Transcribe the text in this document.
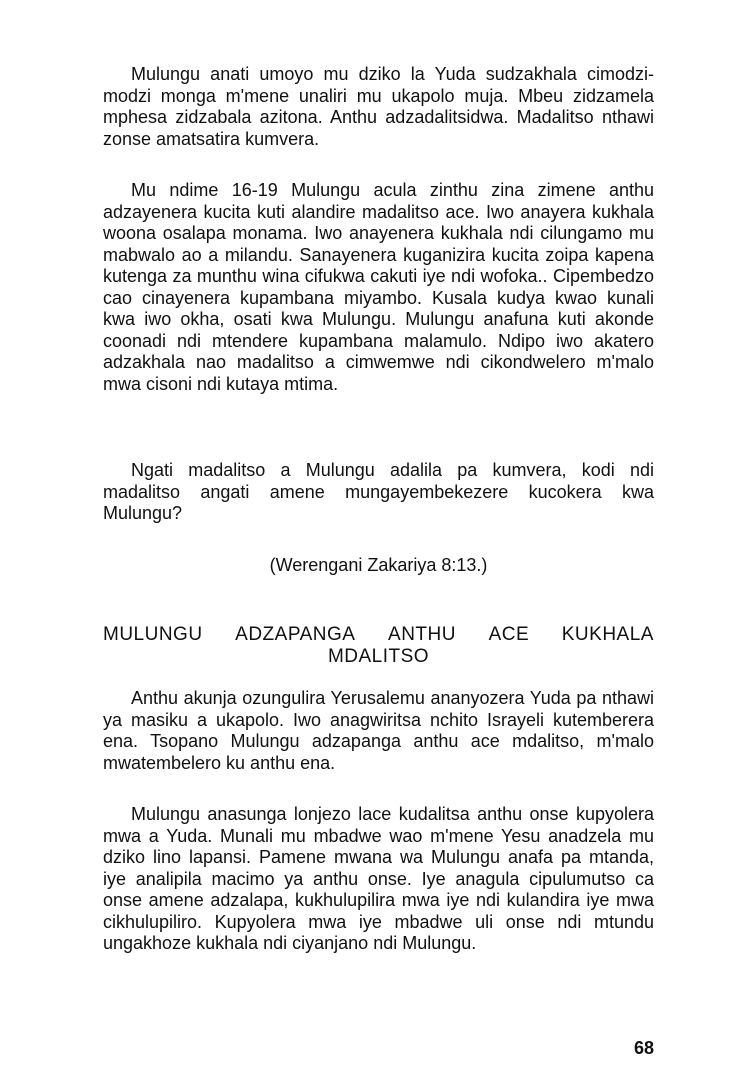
Mulungu anati umoyo mu dziko la Yuda sudzakhala cimodzi-modzi monga m'mene unaliri mu ukapolo muja. Mbeu zidzamela mphesa zidzabala azitona. Anthu adzadalitsidwa. Madalitso nthawi zonse amatsatira kumvera.

Mu ndime 16-19 Mulungu acula zinthu zina zimene anthu adzayenera kucita kuti alandire madalitso ace. Iwo anayera kukhala woona osalapa monama. Iwo anayenera kukhala ndi cilungamo mu mabwalo ao a milandu. Sanayenera kuganizira kucita zoipa kapena kutenga za munthu wina cifukwa cakuti iye ndi wofoka.. Cipembedzo cao cinayenera kupambana miyambo. Kusala kudya kwao kunali kwa iwo okha, osati kwa Mulungu. Mulungu anafuna kuti akonde coonadi ndi mtendere kupambana malamulo. Ndipo iwo akatero adzakhala nao madalitso a cimwemwe ndi cikondwelero m'malo mwa cisoni ndi kutaya mtima.

Ngati madalitso a Mulungu adalila pa kumvera, kodi ndi madalitso angati amene mungayembekezere kucokera kwa Mulungu?

(Werengani Zakariya 8:13.)

MULUNGU ADZAPANGA ANTHU ACE KUKHALA
MDALITSO

Anthu akunja ozungulira Yerusalemu ananyozera Yuda pa nthawi ya masiku a ukapolo. Iwo anagwiritsa nchito Israyeli kutemberera ena. Tsopano Mulungu adzapanga anthu ace mdalitso, m'malo mwatembelero ku anthu ena.

Mulungu anasunga lonjezo lace kudalitsa anthu onse kupyolera mwa a Yuda. Munali mu mbadwe wao m'mene Yesu anadzela mu dziko lino lapansi. Pamene mwana wa Mulungu anafa pa mtanda, iye analipila macimo ya anthu onse. Iye anagula cipulumutso ca onse amene adzalapa, kukhulupilira mwa iye ndi kulandira iye mwa cikhulupiliro. Kupyolera mwa iye mbadwe uli onse ndi mtundu ungakhoze kukhala ndi ciyanjano ndi Mulungu.

68
